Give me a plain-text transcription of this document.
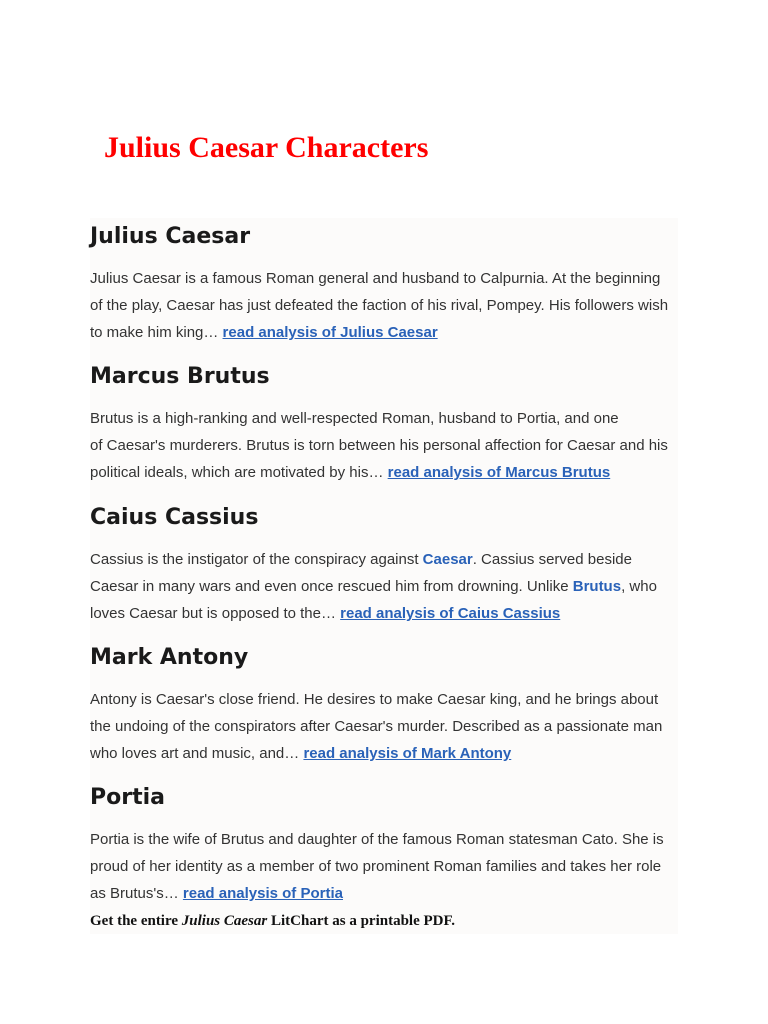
Julius Caesar Characters
Julius Caesar

Julius Caesar is a famous Roman general and husband to Calpurnia. At the beginning
of the play, Caesar has just defeated the faction of his rival, Pompey. His followers wish
to make him king… read analysis of Julius Caesar

Marcus Brutus

Brutus is a high-ranking and well-respected Roman, husband to Portia, and one
of Caesar's murderers. Brutus is torn between his personal affection for Caesar and his
political ideals, which are motivated by his… read analysis of Marcus Brutus

Caius Cassius

Cassius is the instigator of the conspiracy against Caesar. Cassius served beside
Caesar in many wars and even once rescued him from drowning. Unlike Brutus, who
loves Caesar but is opposed to the… read analysis of Caius Cassius

Mark Antony

Antony is Caesar's close friend. He desires to make Caesar king, and he brings about
the undoing of the conspirators after Caesar's murder. Described as a passionate man
who loves art and music, and… read analysis of Mark Antony

Portia

Portia is the wife of Brutus and daughter of the famous Roman statesman Cato. She is
proud of her identity as a member of two prominent Roman families and takes her role
as Brutus's… read analysis of Portia

Get the entire Julius Caesar LitChart as a printable PDF.
